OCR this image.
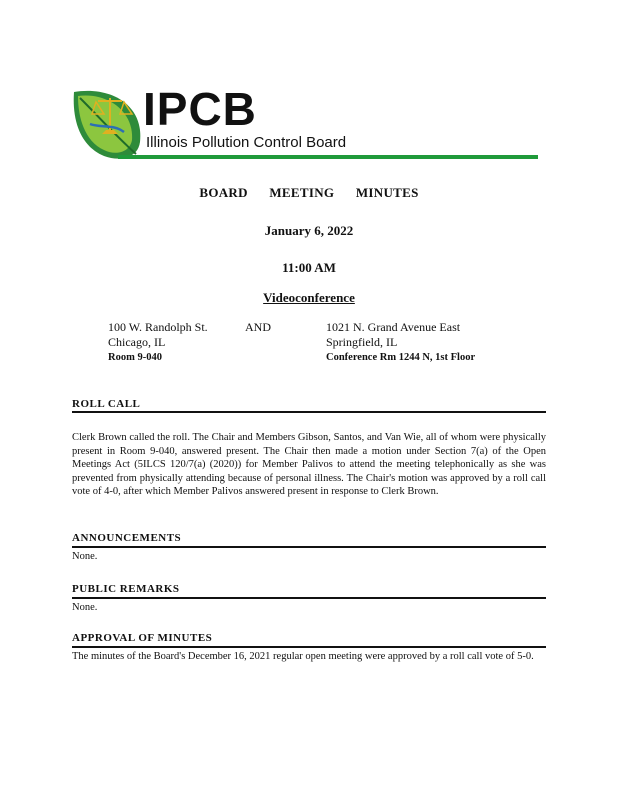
IPCB
Illinois Pollution Control Board
BOARD MEETING MINUTES
January 6, 2022
11:00 AM
Videoconference
100 W. Randolph St.
Chicago, IL
Room 9-040
AND	1021 N. Grand Avenue East
Springfield, IL
Conference Rm 1244 N, 1st Floor
ROLL CALL
Clerk Brown called the roll. The Chair and Members Gibson, Santos, and Van Wie, all of whom were physically present in Room 9-040, answered present. The Chair then made a motion under Section 7(a) of the Open Meetings Act (5ILCS 120/7(a) (2020)) for Member Palivos to attend the meeting telephonically as she was prevented from physically attending because of personal illness. The Chair's motion was approved by a roll call vote of 4-0, after which Member Palivos answered present in response to Clerk Brown.
ANNOUNCEMENTS
None.
PUBLIC REMARKS
None.
APPROVAL OF MINUTES
The minutes of the Board's December 16, 2021 regular open meeting were approved by a roll call vote of 5-0.
